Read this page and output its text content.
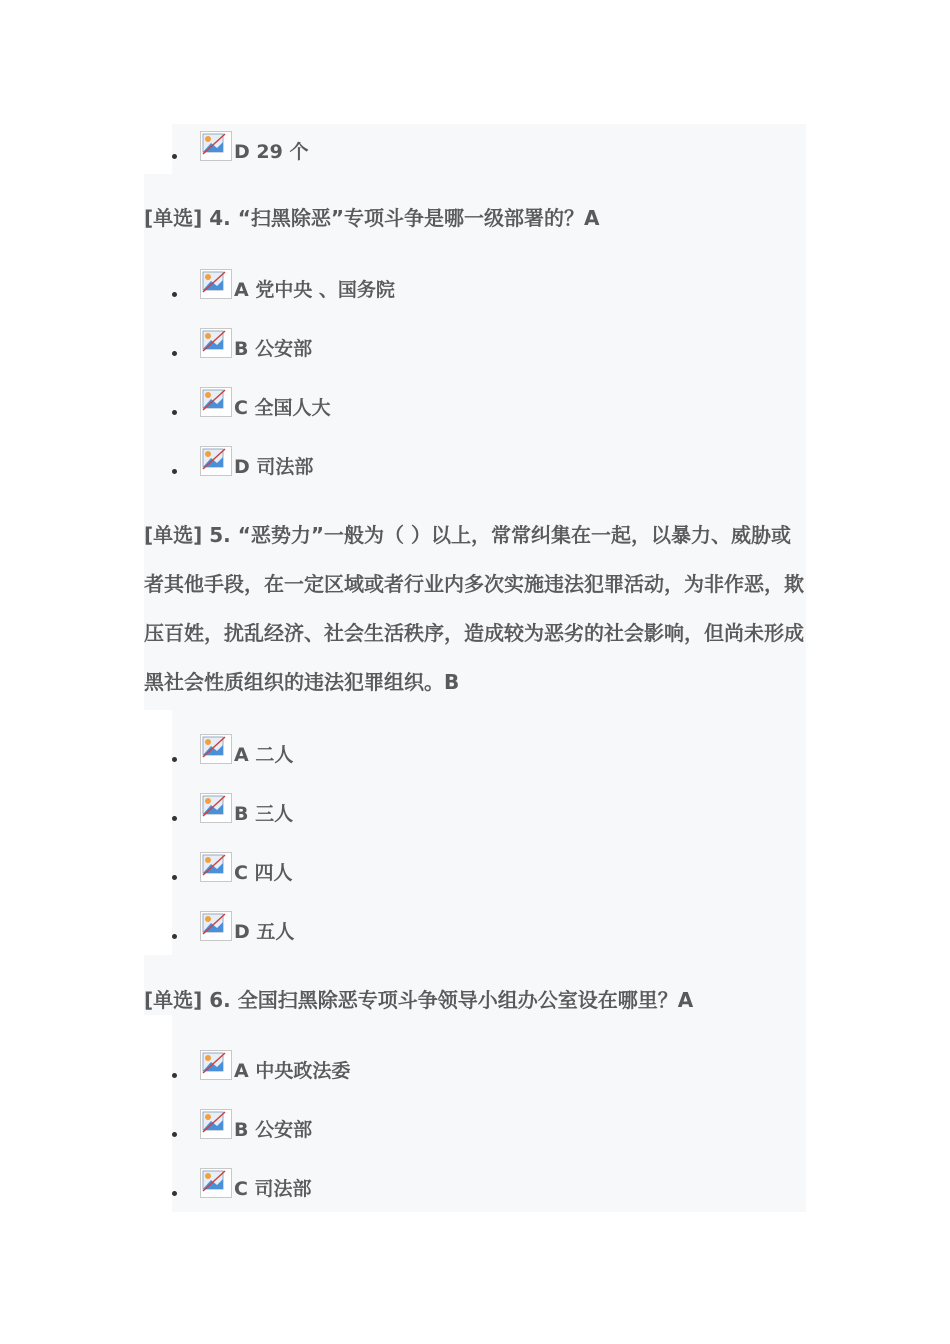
D 29 个

[单选] 4. “扫黑除恶”专项斗争是哪一级部署的？A

A 党中央 、国务院
B 公安部
C 全国人大
D 司法部

[单选] 5. “恶势力”一般为（ ）以上，常常纠集在一起，以暴力、威胁或者其他手段，在一定区域或者行业内多次实施违法犯罪活动，为非作恶，欺压百姓，扰乱经济、社会生活秩序，造成较为恶劣的社会影响，但尚未形成黑社会性质组织的违法犯罪组织。B

A 二人
B 三人
C 四人
D 五人

[单选] 6. 全国扫黑除恶专项斗争领导小组办公室设在哪里？A

A 中央政法委
B 公安部
C 司法部
